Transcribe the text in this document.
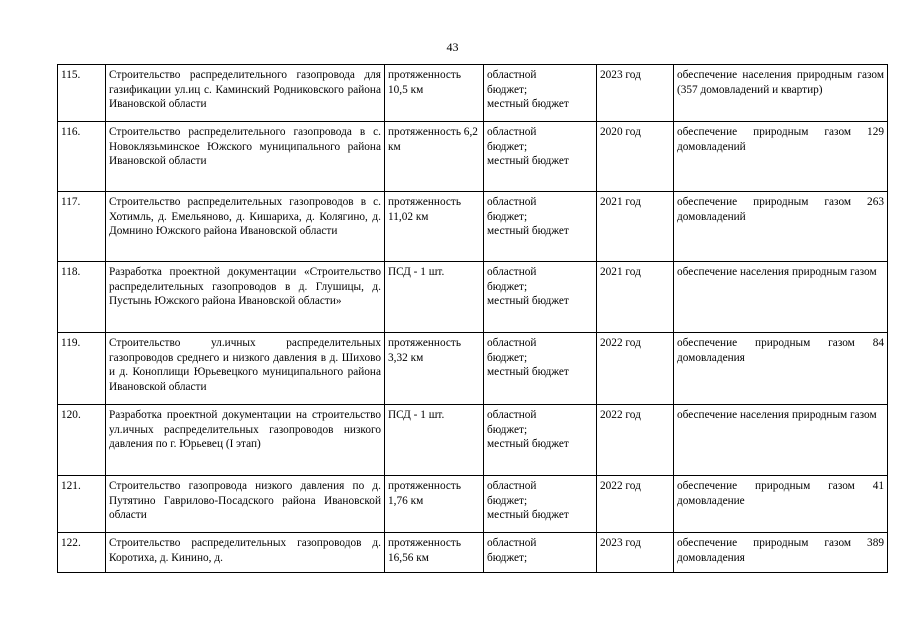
43
115.	Строительство распределительного газопровода для газификации ул.иц с. Каминский Родниковского района Ивановской области	протяженность 10,5 км	областной
бюджет;
местный бюджет	2023 год	обеспечение населения природным газом (357 домовладений и квартир)
116.	Строительство распределительного газопровода в с. Новоклязьминское Южского муниципального района Ивановской области	протяженность 6,2 км	областной
бюджет;
местный бюджет	2020 год	обеспечение природным газом 129 домовладений
117.	Строительство распределительных газопроводов в с. Хотимль, д. Емельяново, д. Кишариха, д. Колягино, д. Домнино Южского района Ивановской области	протяженность 11,02 км	областной
бюджет;
местный бюджет	2021 год	обеспечение природным газом 263 домовладений
118.	Разработка проектной документации «Строительство распределительных газопроводов в д. Глушицы, д. Пустынь Южского района Ивановской области»	ПСД - 1 шт.	областной
бюджет;
местный бюджет	2021 год	обеспечение населения природным газом
119.	Строительство ул.ичных распределительных газопроводов среднего и низкого давления в д. Шихово и д. Коноплищи Юрьевецкого муниципального района Ивановской области	протяженность 3,32 км	областной
бюджет;
местный бюджет	2022 год	обеспечение природным газом 84 домовладения
120.	Разработка проектной документации на строительство ул.ичных распределительных газопроводов низкого давления по г. Юрьевец (I этап)	ПСД - 1 шт.	областной
бюджет;
местный бюджет	2022 год	обеспечение населения природным газом
121.	Строительство газопровода низкого давления по д. Путятино Гаврилово-Посадского района Ивановской области	протяженность 1,76 км	областной
бюджет;
местный бюджет	2022 год	обеспечение природным газом 41 домовладение
122.	Строительство распределительных газопроводов д. Коротиха, д. Кинино, д.	протяженность 16,56 км	областной
бюджет;	2023 год	обеспечение природным газом 389 домовладения
